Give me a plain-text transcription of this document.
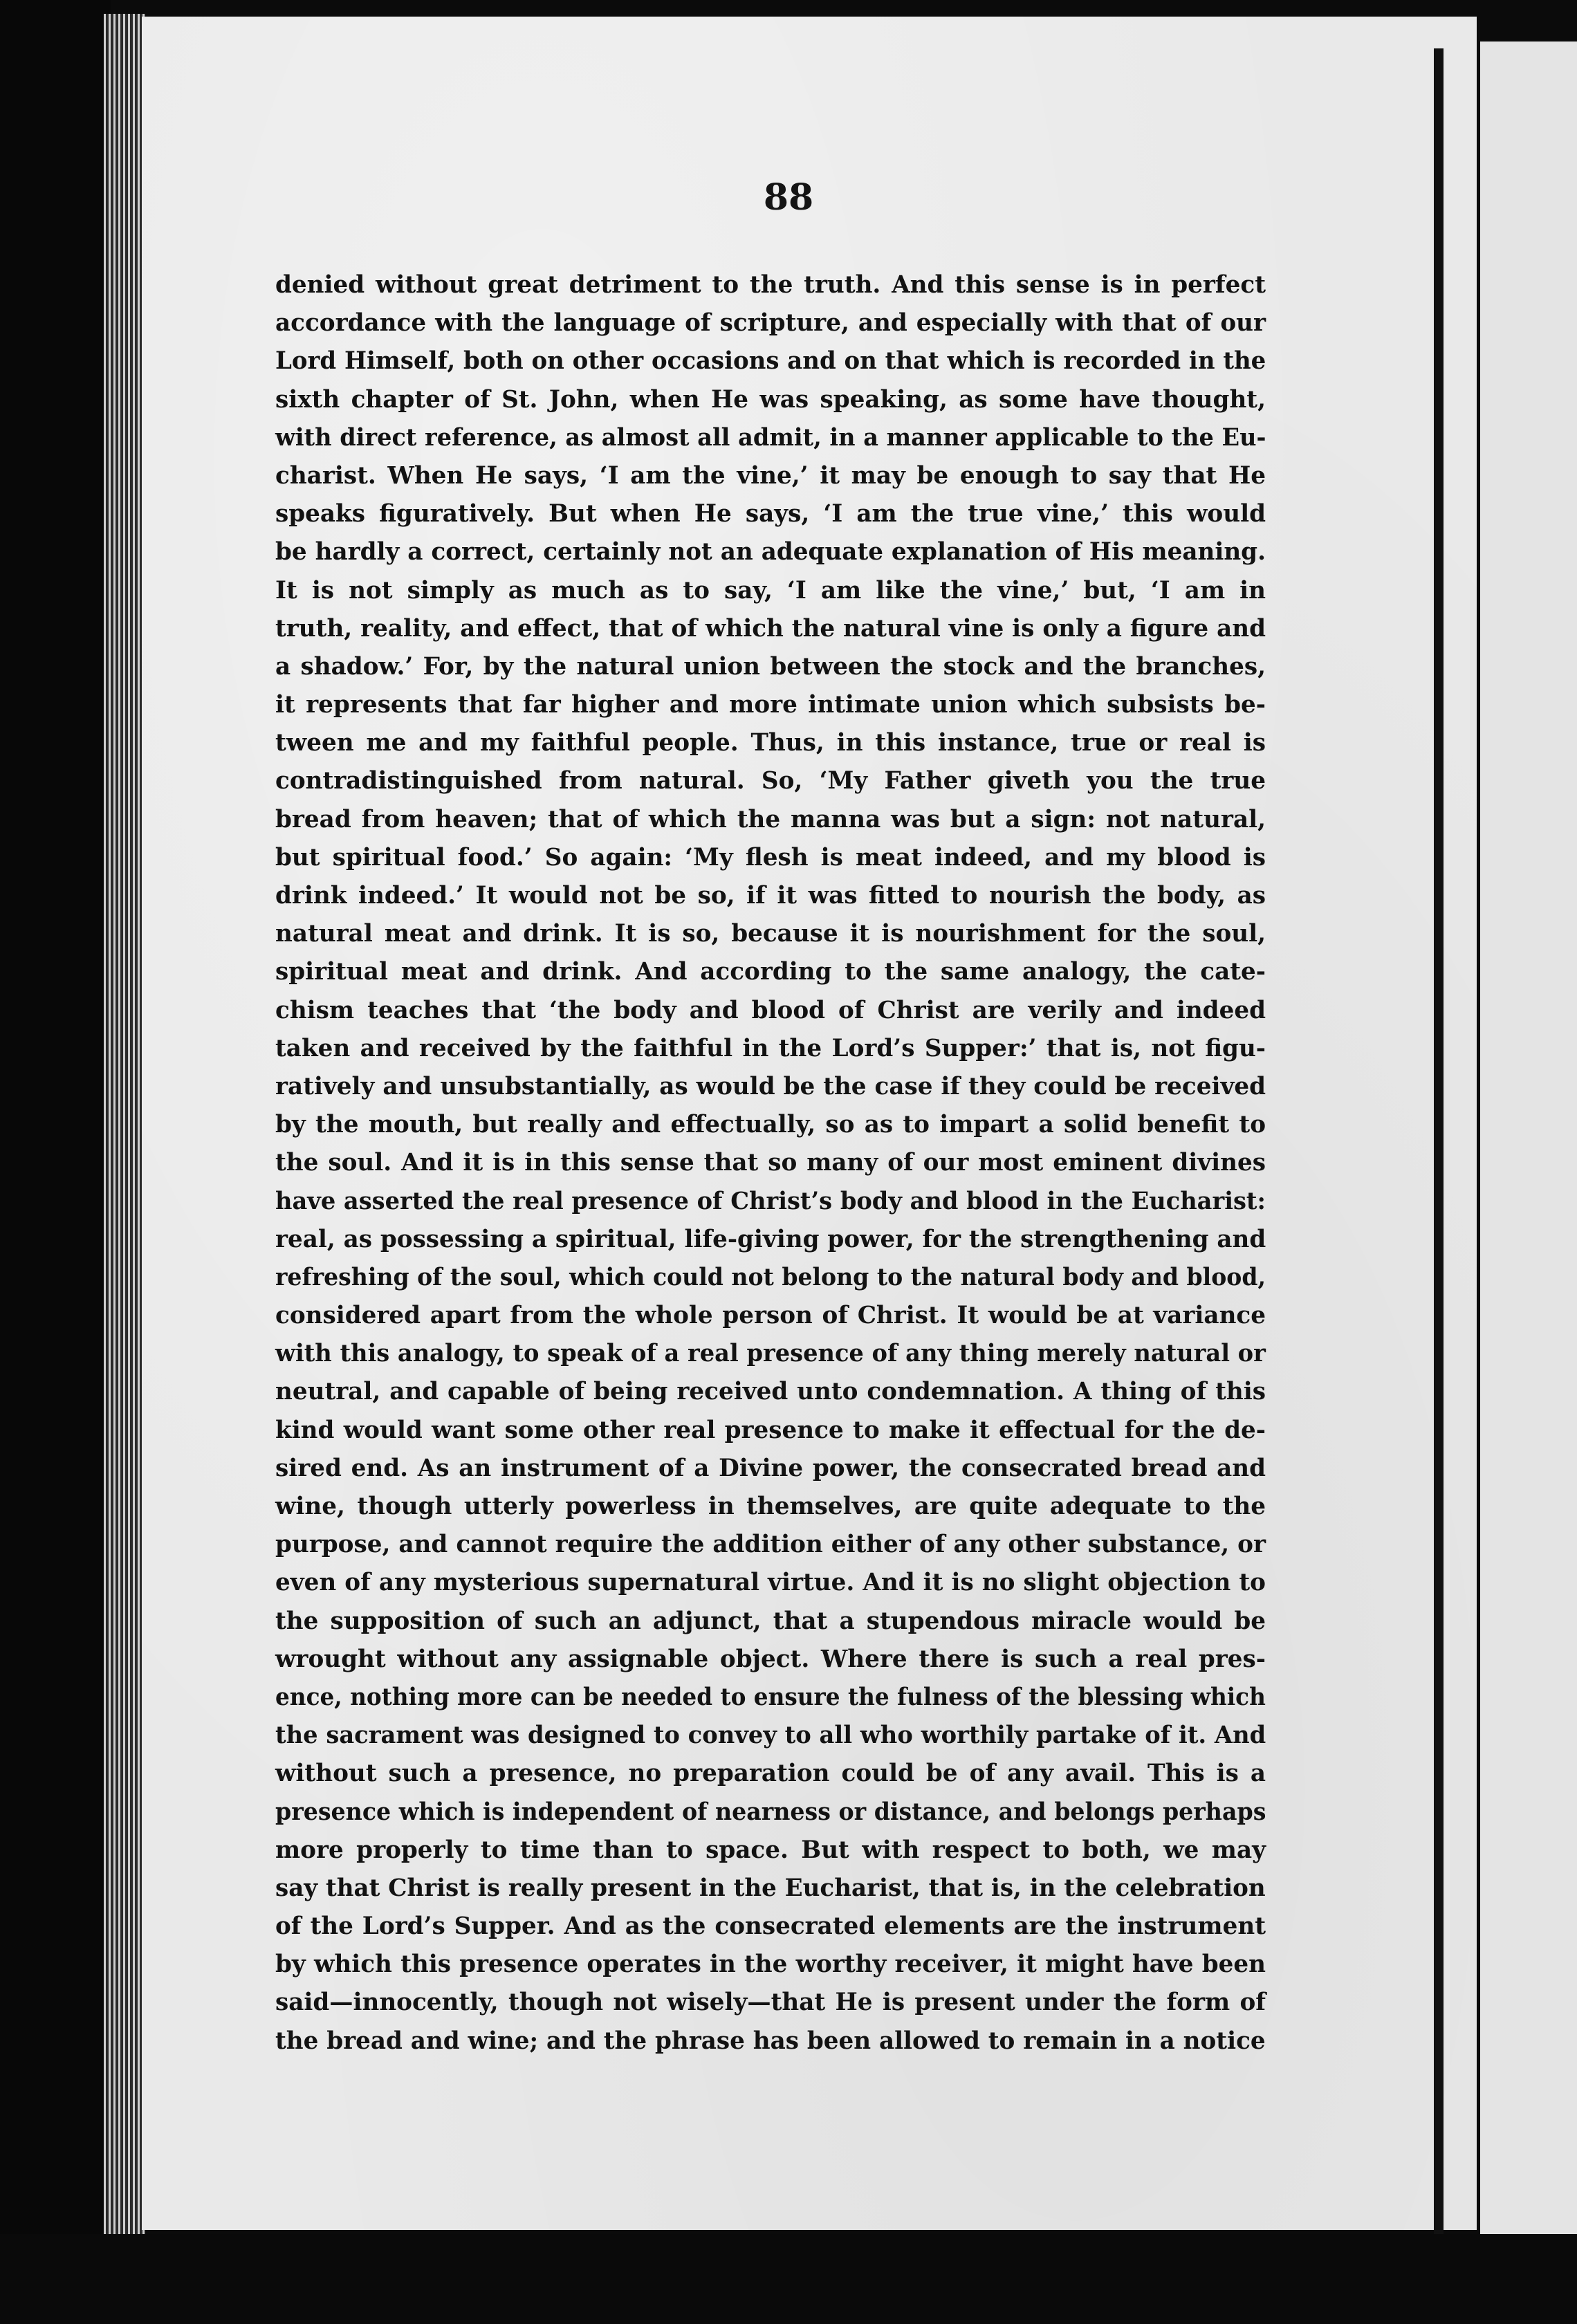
88
denied without great detriment to the truth. And this sense is in perfect
accordance with the language of scripture, and especially with that of our
Lord Himself, both on other occasions and on that which is recorded in the
sixth chapter of St. John, when He was speaking, as some have thought,
with direct reference, as almost all admit, in a manner applicable to the Eu-
charist. When He says, ‘I am the vine,’ it may be enough to say that He
speaks figuratively. But when He says, ‘I am the true vine,’ this would
be hardly a correct, certainly not an adequate explanation of His meaning.
It is not simply as much as to say, ‘I am like the vine,’ but, ‘I am in
truth, reality, and effect, that of which the natural vine is only a figure and
a shadow.’ For, by the natural union between the stock and the branches,
it represents that far higher and more intimate union which subsists be-
tween me and my faithful people. Thus, in this instance, true or real is
contradistinguished from natural. So, ‘My Father giveth you the true
bread from heaven; that of which the manna was but a sign: not natural,
but spiritual food.’ So again: ‘My flesh is meat indeed, and my blood is
drink indeed.’ It would not be so, if it was fitted to nourish the body, as
natural meat and drink. It is so, because it is nourishment for the soul,
spiritual meat and drink. And according to the same analogy, the cate-
chism teaches that ‘the body and blood of Christ are verily and indeed
taken and received by the faithful in the Lord’s Supper:’ that is, not figu-
ratively and unsubstantially, as would be the case if they could be received
by the mouth, but really and effectually, so as to impart a solid benefit to
the soul. And it is in this sense that so many of our most eminent divines
have asserted the real presence of Christ’s body and blood in the Eucharist:
real, as possessing a spiritual, life-giving power, for the strengthening and
refreshing of the soul, which could not belong to the natural body and blood,
considered apart from the whole person of Christ. It would be at variance
with this analogy, to speak of a real presence of any thing merely natural or
neutral, and capable of being received unto condemnation. A thing of this
kind would want some other real presence to make it effectual for the de-
sired end. As an instrument of a Divine power, the consecrated bread and
wine, though utterly powerless in themselves, are quite adequate to the
purpose, and cannot require the addition either of any other substance, or
even of any mysterious supernatural virtue. And it is no slight objection to
the supposition of such an adjunct, that a stupendous miracle would be
wrought without any assignable object. Where there is such a real pres-
ence, nothing more can be needed to ensure the fulness of the blessing which
the sacrament was designed to convey to all who worthily partake of it. And
without such a presence, no preparation could be of any avail. This is a
presence which is independent of nearness or distance, and belongs perhaps
more properly to time than to space. But with respect to both, we may
say that Christ is really present in the Eucharist, that is, in the celebration
of the Lord’s Supper. And as the consecrated elements are the instrument
by which this presence operates in the worthy receiver, it might have been
said—innocently, though not wisely—that He is present under the form of
the bread and wine; and the phrase has been allowed to remain in a notice
